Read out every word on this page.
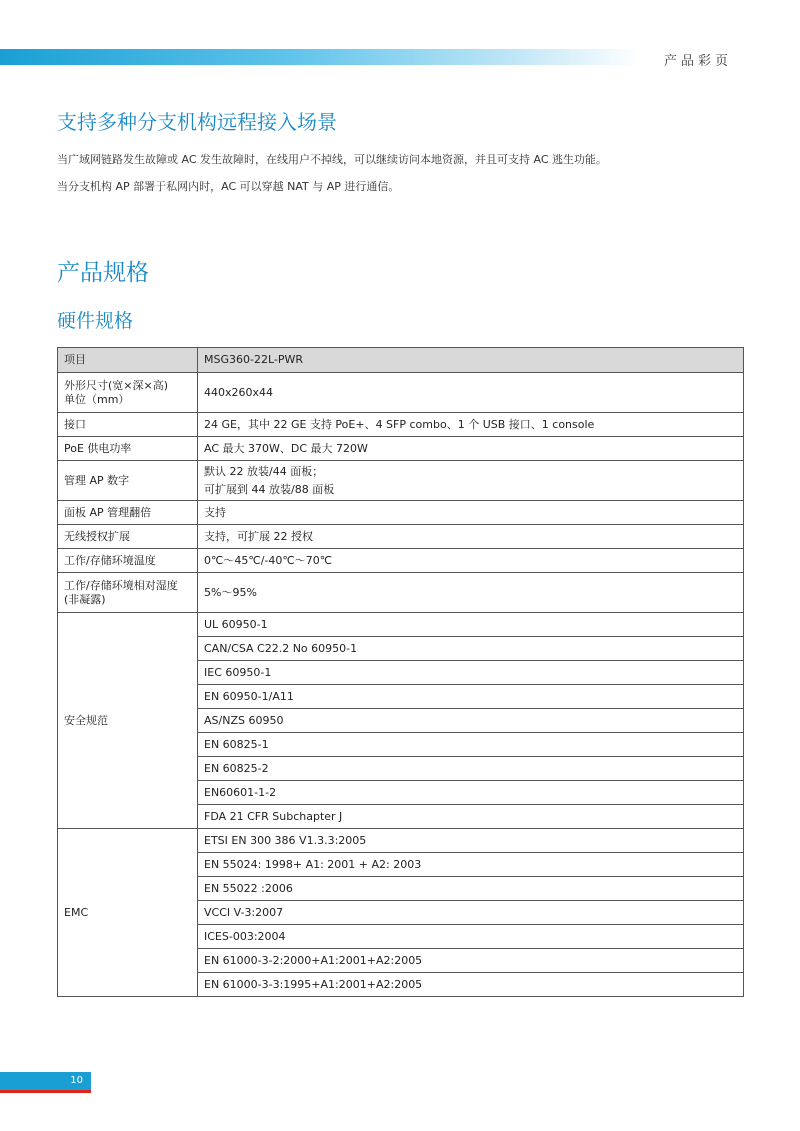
产品彩页
支持多种分支机构远程接入场景
当广域网链路发生故障或 AC 发生故障时，在线用户不掉线，可以继续访问本地资源，并且可支持 AC 逃生功能。
当分支机构 AP 部署于私网内时，AC 可以穿越 NAT 与 AP 进行通信。
产品规格
硬件规格
项目	MSG360-22L-PWR
外形尺寸(宽×深×高)
单位（mm）	440x260x44
接口	24 GE，其中 22 GE 支持 PoE+、4 SFP combo、1 个 USB 接口、1 console
PoE 供电功率	AC 最大 370W、DC 最大 720W
管理 AP 数字	默认 22 放装/44 面板；
可扩展到 44 放装/88 面板

面板 AP 管理翻倍	支持
无线授权扩展	支持，可扩展 22 授权
工作/存储环境温度	0℃～45℃/-40℃～70℃
工作/存储环境相对湿度
(非凝露)	5%～95%
安全规范	UL 60950-1
	CAN/CSA C22.2 No 60950-1
	IEC 60950-1
	EN 60950-1/A11
	AS/NZS 60950
	EN 60825-1
	EN 60825-2
	EN60601-1-2
	FDA 21 CFR Subchapter J
EMC	ETSI EN 300 386 V1.3.3:2005
	EN 55024: 1998+ A1: 2001 + A2: 2003
	EN 55022 :2006
	VCCI V-3:2007
	ICES-003:2004
	EN 61000-3-2:2000+A1:2001+A2:2005
	EN 61000-3-3:1995+A1:2001+A2:2005
10
